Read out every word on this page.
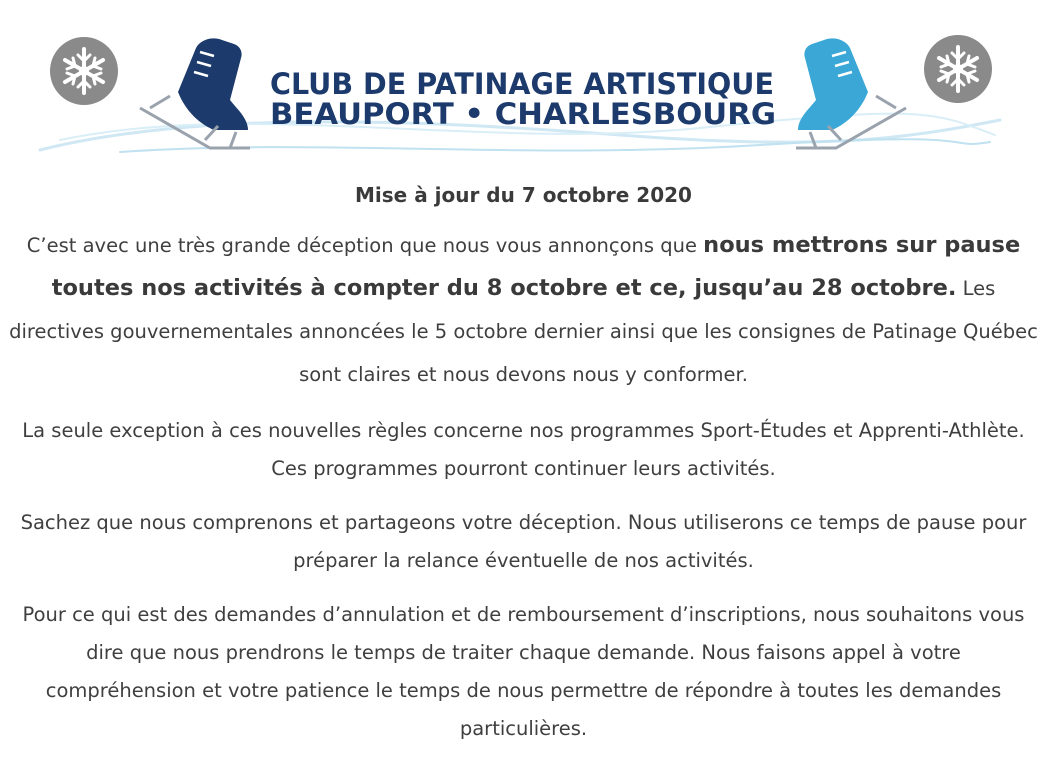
CLUB DE PATINAGE ARTISTIQUE
BEAUPORT • CHARLESBOURG
Mise à jour du 7 octobre 2020

C’est avec une très grande déception que nous vous annonçons que nous mettrons sur pause toutes nos activités à compter du 8 octobre et ce, jusqu’au 28 octobre. Les directives gouvernementales annoncées le 5 octobre dernier ainsi que les consignes de Patinage Québec sont claires et nous devons nous y conformer.

La seule exception à ces nouvelles règles concerne nos programmes Sport-Études et Apprenti-Athlète. Ces programmes pourront continuer leurs activités.

Sachez que nous comprenons et partageons votre déception. Nous utiliserons ce temps de pause pour préparer la relance éventuelle de nos activités.

Pour ce qui est des demandes d’annulation et de remboursement d’inscriptions, nous souhaitons vous dire que nous prendrons le temps de traiter chaque demande. Nous faisons appel à votre compréhension et votre patience le temps de nous permettre de répondre à toutes les demandes particulières.
